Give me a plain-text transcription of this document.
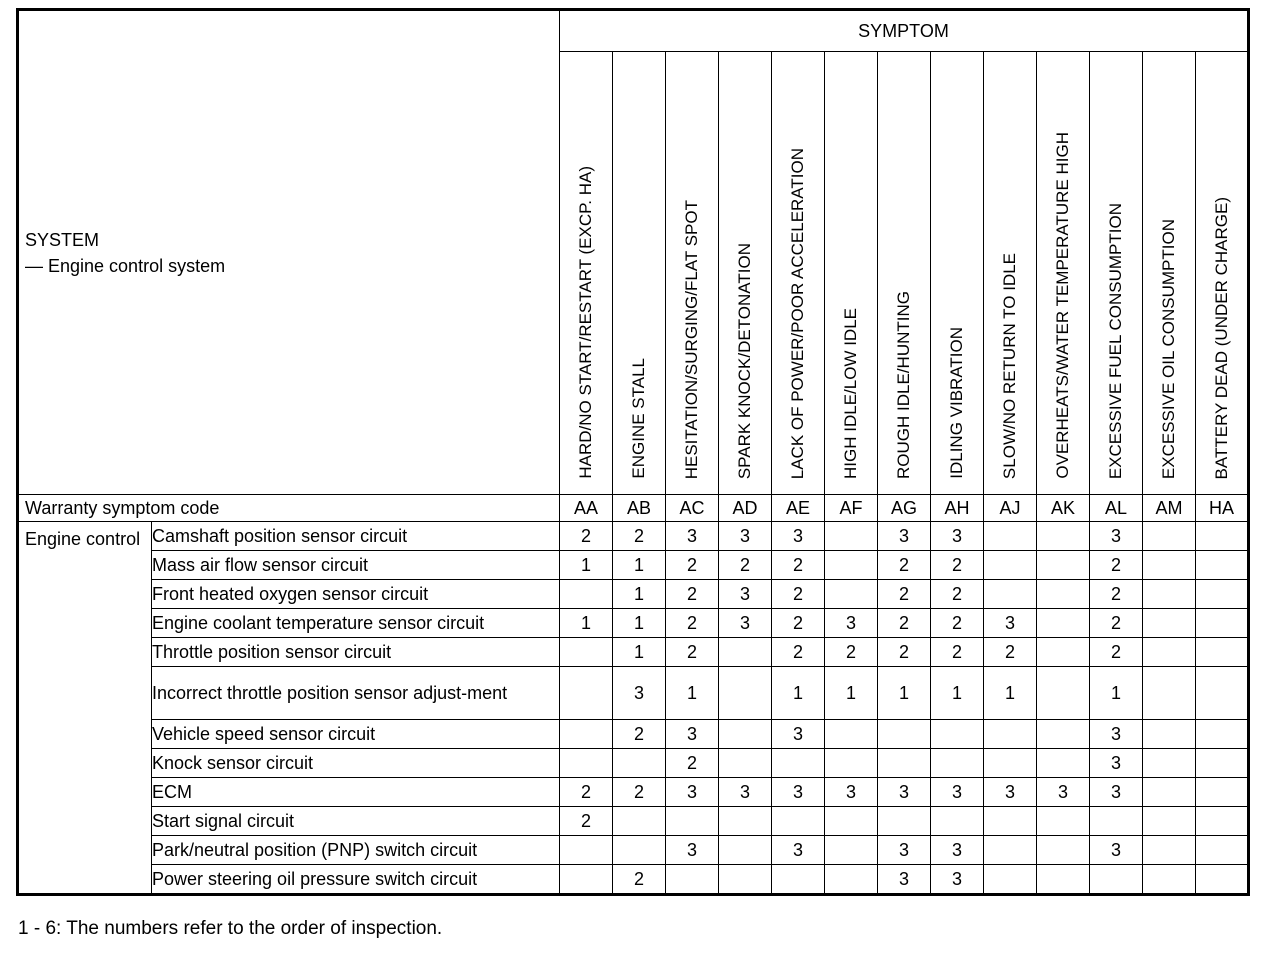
SYSTEM
— Engine control system		SYMPTOM												
		HARD/NO START/RESTART (EXCP. HA)	ENGINE STALL	HESITATION/SURGING/FLAT SPOT	SPARK KNOCK/DETONATION	LACK OF POWER/POOR ACCELERATION	HIGH IDLE/LOW IDLE	ROUGH IDLE/HUNTING	IDLING VIBRATION	SLOW/NO RETURN TO IDLE	OVERHEATS/WATER TEMPERATURE HIGH	EXCESSIVE FUEL CONSUMPTION	EXCESSIVE OIL CONSUMPTION	BATTERY DEAD (UNDER CHARGE)
Warranty symptom code		AA	AB	AC	AD	AE	AF	AG	AH	AJ	AK	AL	AM	HA
Engine control	Camshaft position sensor circuit	2	2	3	3	3		3	3			3		
	Mass air flow sensor circuit	1	1	2	2	2		2	2			2		
	Front heated oxygen sensor circuit		1	2	3	2		2	2			2		
	Engine coolant temperature sensor circuit	1	1	2	3	2	3	2	2	3		2		
	Throttle position sensor circuit		1	2		2	2	2	2	2		2		
	Incorrect throttle position sensor adjust-ment		3	1		1	1	1	1	1		1		
	Vehicle speed sensor circuit		2	3		3						3		
	Knock sensor circuit			2								3		
	ECM	2	2	3	3	3	3	3	3	3	3	3		
	Start signal circuit	2												
	Park/neutral position (PNP) switch circuit			3		3		3	3			3		
	Power steering oil pressure switch circuit		2					3	3					
1 - 6: The numbers refer to the order of inspection.
